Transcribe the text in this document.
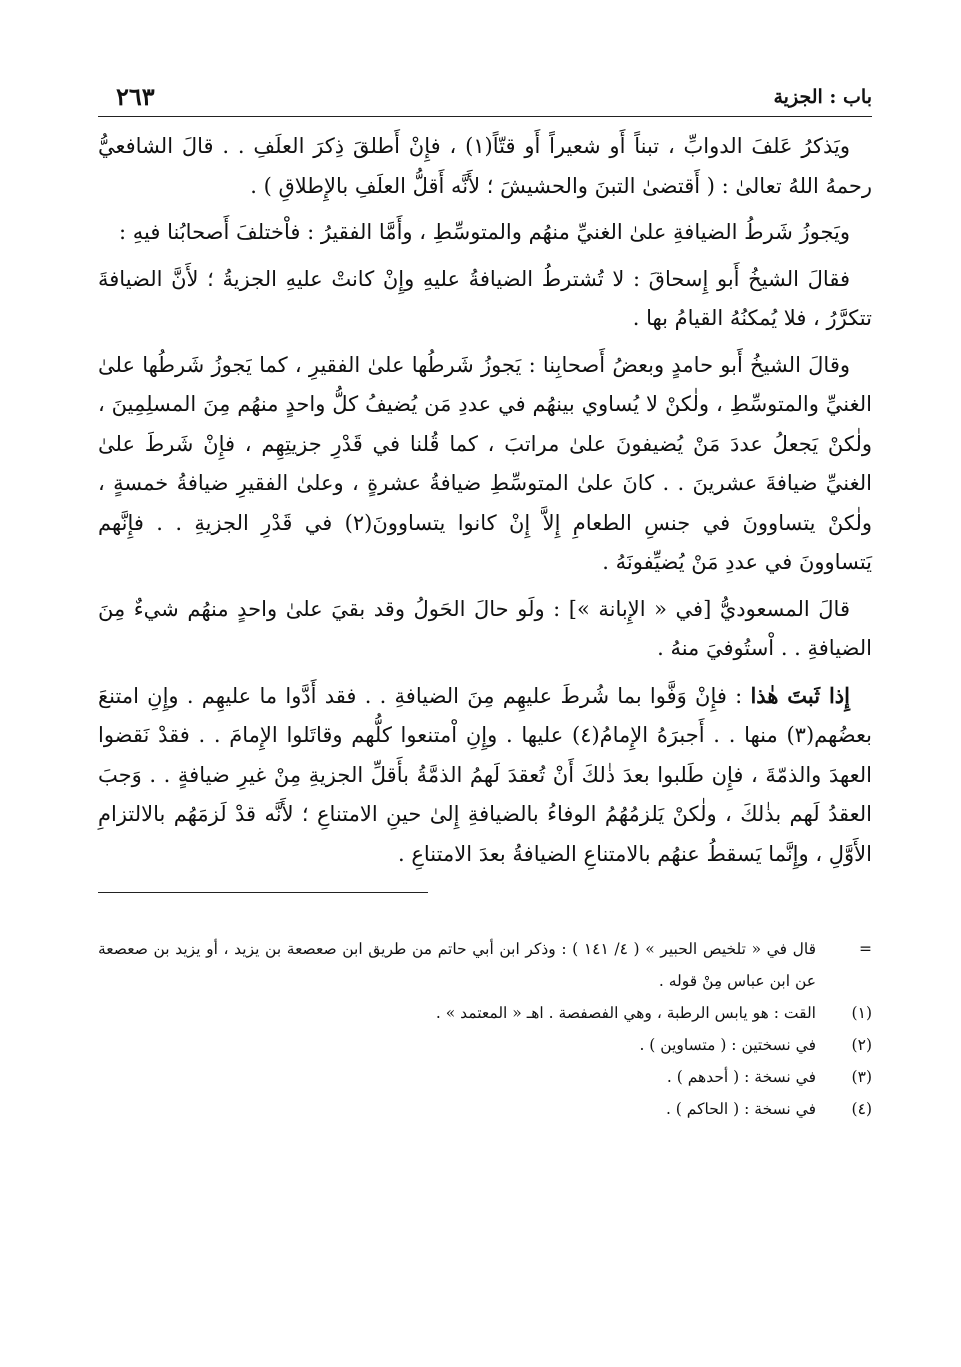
باب : الجزية
٢٦٣

ويَذكرُ عَلفَ الدوابِّ ، تبناً أَو شعيراً أَو قتّاً(١) ، فإِنْ أَطلقَ ذِكرَ العلَفِ . . قالَ الشافعيُّ رحمهُ اللهُ تعالىٰ : ( أَقتضىٰ التبنَ والحشيشَ ؛ لأَنَّه أَقلُّ العلَفِ بالإِطلاقِ ) .

ويَجوزُ شَرطُ الضيافةِ علىٰ الغنيِّ منهُم والمتوسِّطِ ، وأَمَّا الفقيرُ : فاْختلفَ أَصحابُنا فيهِ :

فقالَ الشيخُ أَبو إِسحاقَ : لا تُشترطُ الضيافةُ عليهِ وإِنْ كانتْ عليهِ الجزيةُ ؛ لأَنَّ الضيافةَ تتكرَّرُ ، فلا يُمكنُهُ القيامُ بها .

وقالَ الشيخُ أَبو حامدٍ وبعضُ أَصحابِنا : يَجوزُ شَرطُها علىٰ الفقيرِ ، كما يَجوزُ شَرطُها علىٰ الغنيِّ والمتوسِّطِ ، ولٰكنْ لا يُساوي بينهُم في عددِ مَن يُضيفُ كلُّ واحدٍ منهُم مِنَ المسلِمِينَ ، ولٰكنْ يَجعلُ عددَ مَنْ يُضيفونَ علىٰ مراتبَ ، كما قُلنا في قَدْرِ جزيتِهِم ، فإِنْ شَرطَ علىٰ الغنيِّ ضيافةَ عشرينَ . . كانَ علىٰ المتوسِّطِ ضيافةُ عشرةٍ ، وعلىٰ الفقيرِ ضيافةُ خمسةٍ ، ولٰكنْ يتساوونَ في جنسِ الطعامِ إِلاَّ إِنْ كانوا يتساوونَ(٢) في قَدْرِ الجزيةِ . . فإِنَّهم يَتساوونَ في عددِ مَنْ يُضيِّفونَهُ .

قالَ المسعوديُّ [في « الإِبانة »] : ولَو حالَ الحَولُ وقد بقيَ علىٰ واحدٍ منهُم شيءٌ مِنَ الضيافةِ . . اْستُوفيَ منهُ .

إِذا ثَبتَ هٰذا : فإِنْ وَفَّوا بما شُرطَ عليهِم مِنَ الضيافةِ . . فقد أَدَّوا ما عليهِم . وإِنِ امتنعَ بعضُهم(٣) منها . . أَجبرَهُ الإِمامُ(٤) عليها . وإِنِ اْمتنعوا كلُّهم وقاتَلوا الإِمامَ . . فقدْ نَقضوا العهدَ والذمّةَ ، فإِن طَلبوا بعدَ ذٰلكَ أَنْ تُعقدَ لَهمُ الذمَّةُ بأَقلِّ الجزيةِ مِنْ غيرِ ضيافةٍ . . وَجبَ العقدُ لَهم بذٰلكَ ، ولٰكنْ يَلزمُهُمُ الوفاءُ بالضيافةِ إِلىٰ حينِ الامتناعِ ؛ لأَنَّه قدْ لَزمَهُم بالالتزامِ الأَوَّلِ ، وإِنَّما يَسقطُ عنهُم بالامتناعِ الضيافةُ بعدَ الامتناعِ .

=
قال في « تلخيص الحبير » ( ٤/ ١٤١ ) : وذكر ابن أبي حاتم من طريق ابن صعصعة بن يزيد ، أو يزيد بن صعصعة عن ابن عباس مِنْ قوله .
(١)
القت : هو يابس الرطبة ، وهي الفصفصة . اهـ « المعتمد » .
(٢)
في نسختين : ( متساوين ) .
(٣)
في نسخة : ( أحدهم ) .
(٤)
في نسخة : ( الحاكم ) .
